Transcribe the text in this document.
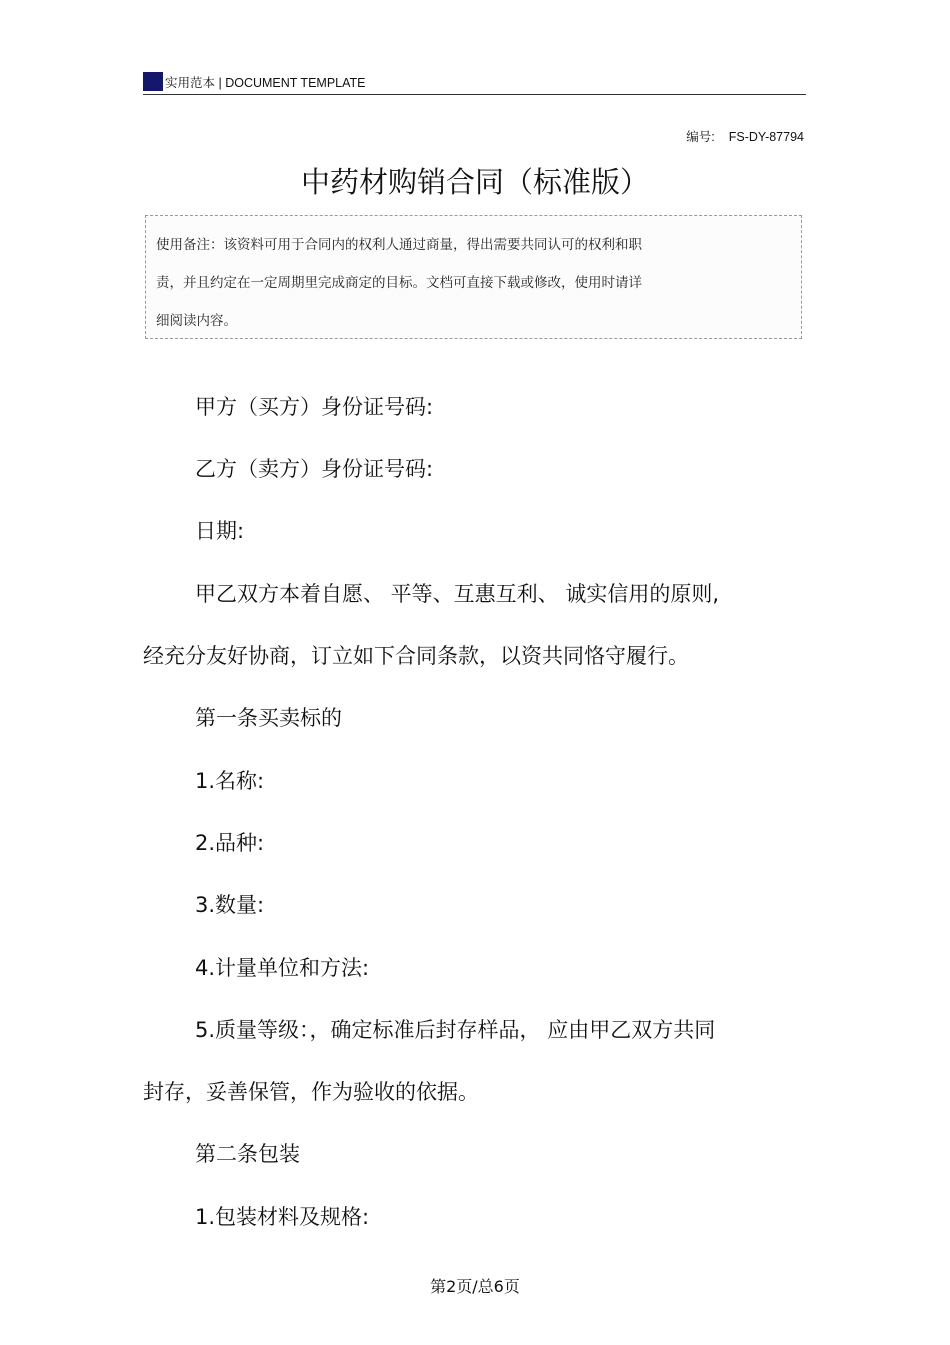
实用范本 | DOCUMENT TEMPLATE
编号: FS-DY-87794
中药材购销合同（标准版）
使用备注：该资料可用于合同内的权利人通过商量，得出需要共同认可的权利和职
责，并且约定在一定周期里完成商定的目标。文档可直接下载或修改，使用时请详
细阅读内容。
甲方（买方）身份证号码:
乙方（卖方）身份证号码:
日期:
甲乙双方本着自愿、 平等、互惠互利、 诚实信用的原则,
经充分友好协商，订立如下合同条款，以资共同恪守履行。
第一条买卖标的
1.名称:
2.品种:
3.数量:
4.计量单位和方法:
5.质量等级：，确定标准后封存样品， 应由甲乙双方共同
封存，妥善保管，作为验收的依据。
第二条包装
1.包装材料及规格:
第2页/总6页
